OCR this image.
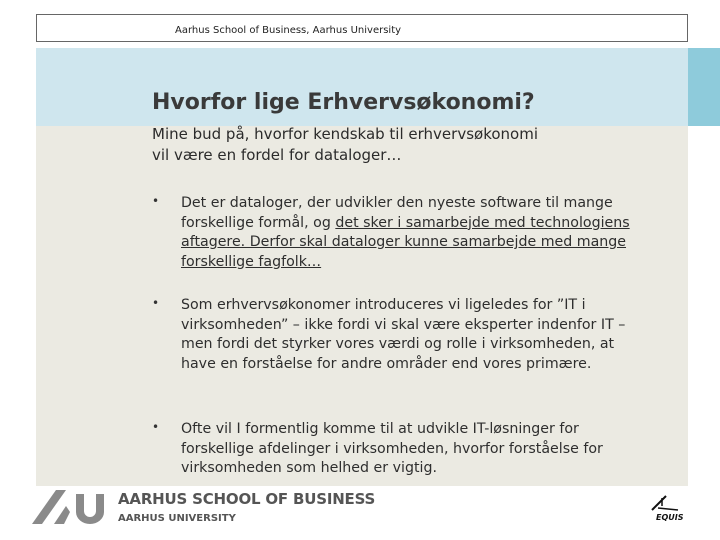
Aarhus School of Business, Aarhus University
Hvorfor lige Erhvervsøkonomi?
Mine bud på, hvorfor kendskab til erhvervsøkonomi
vil være en fordel for dataloger…
• Det er dataloger, der udvikler den nyeste software til mange forskellige formål, og det sker i samarbejde med technologiens aftagere. Derfor skal dataloger kunne samarbejde med mange forskellige fagfolk…
• Som erhvervsøkonomer introduceres vi ligeledes for ”IT i virksomheden” – ikke fordi vi skal være eksperter indenfor IT – men fordi det styrker vores værdi og rolle i virksomheden, at have en forståelse for andre områder end vores primære.
• Ofte vil I formentlig komme til at udvikle IT-løsninger for forskellige afdelinger i virksomheden, hvorfor forståelse for virksomheden som helhed er vigtig.
AARHUS SCHOOL OF BUSINESS
AARHUS UNIVERSITY	EQUIS
